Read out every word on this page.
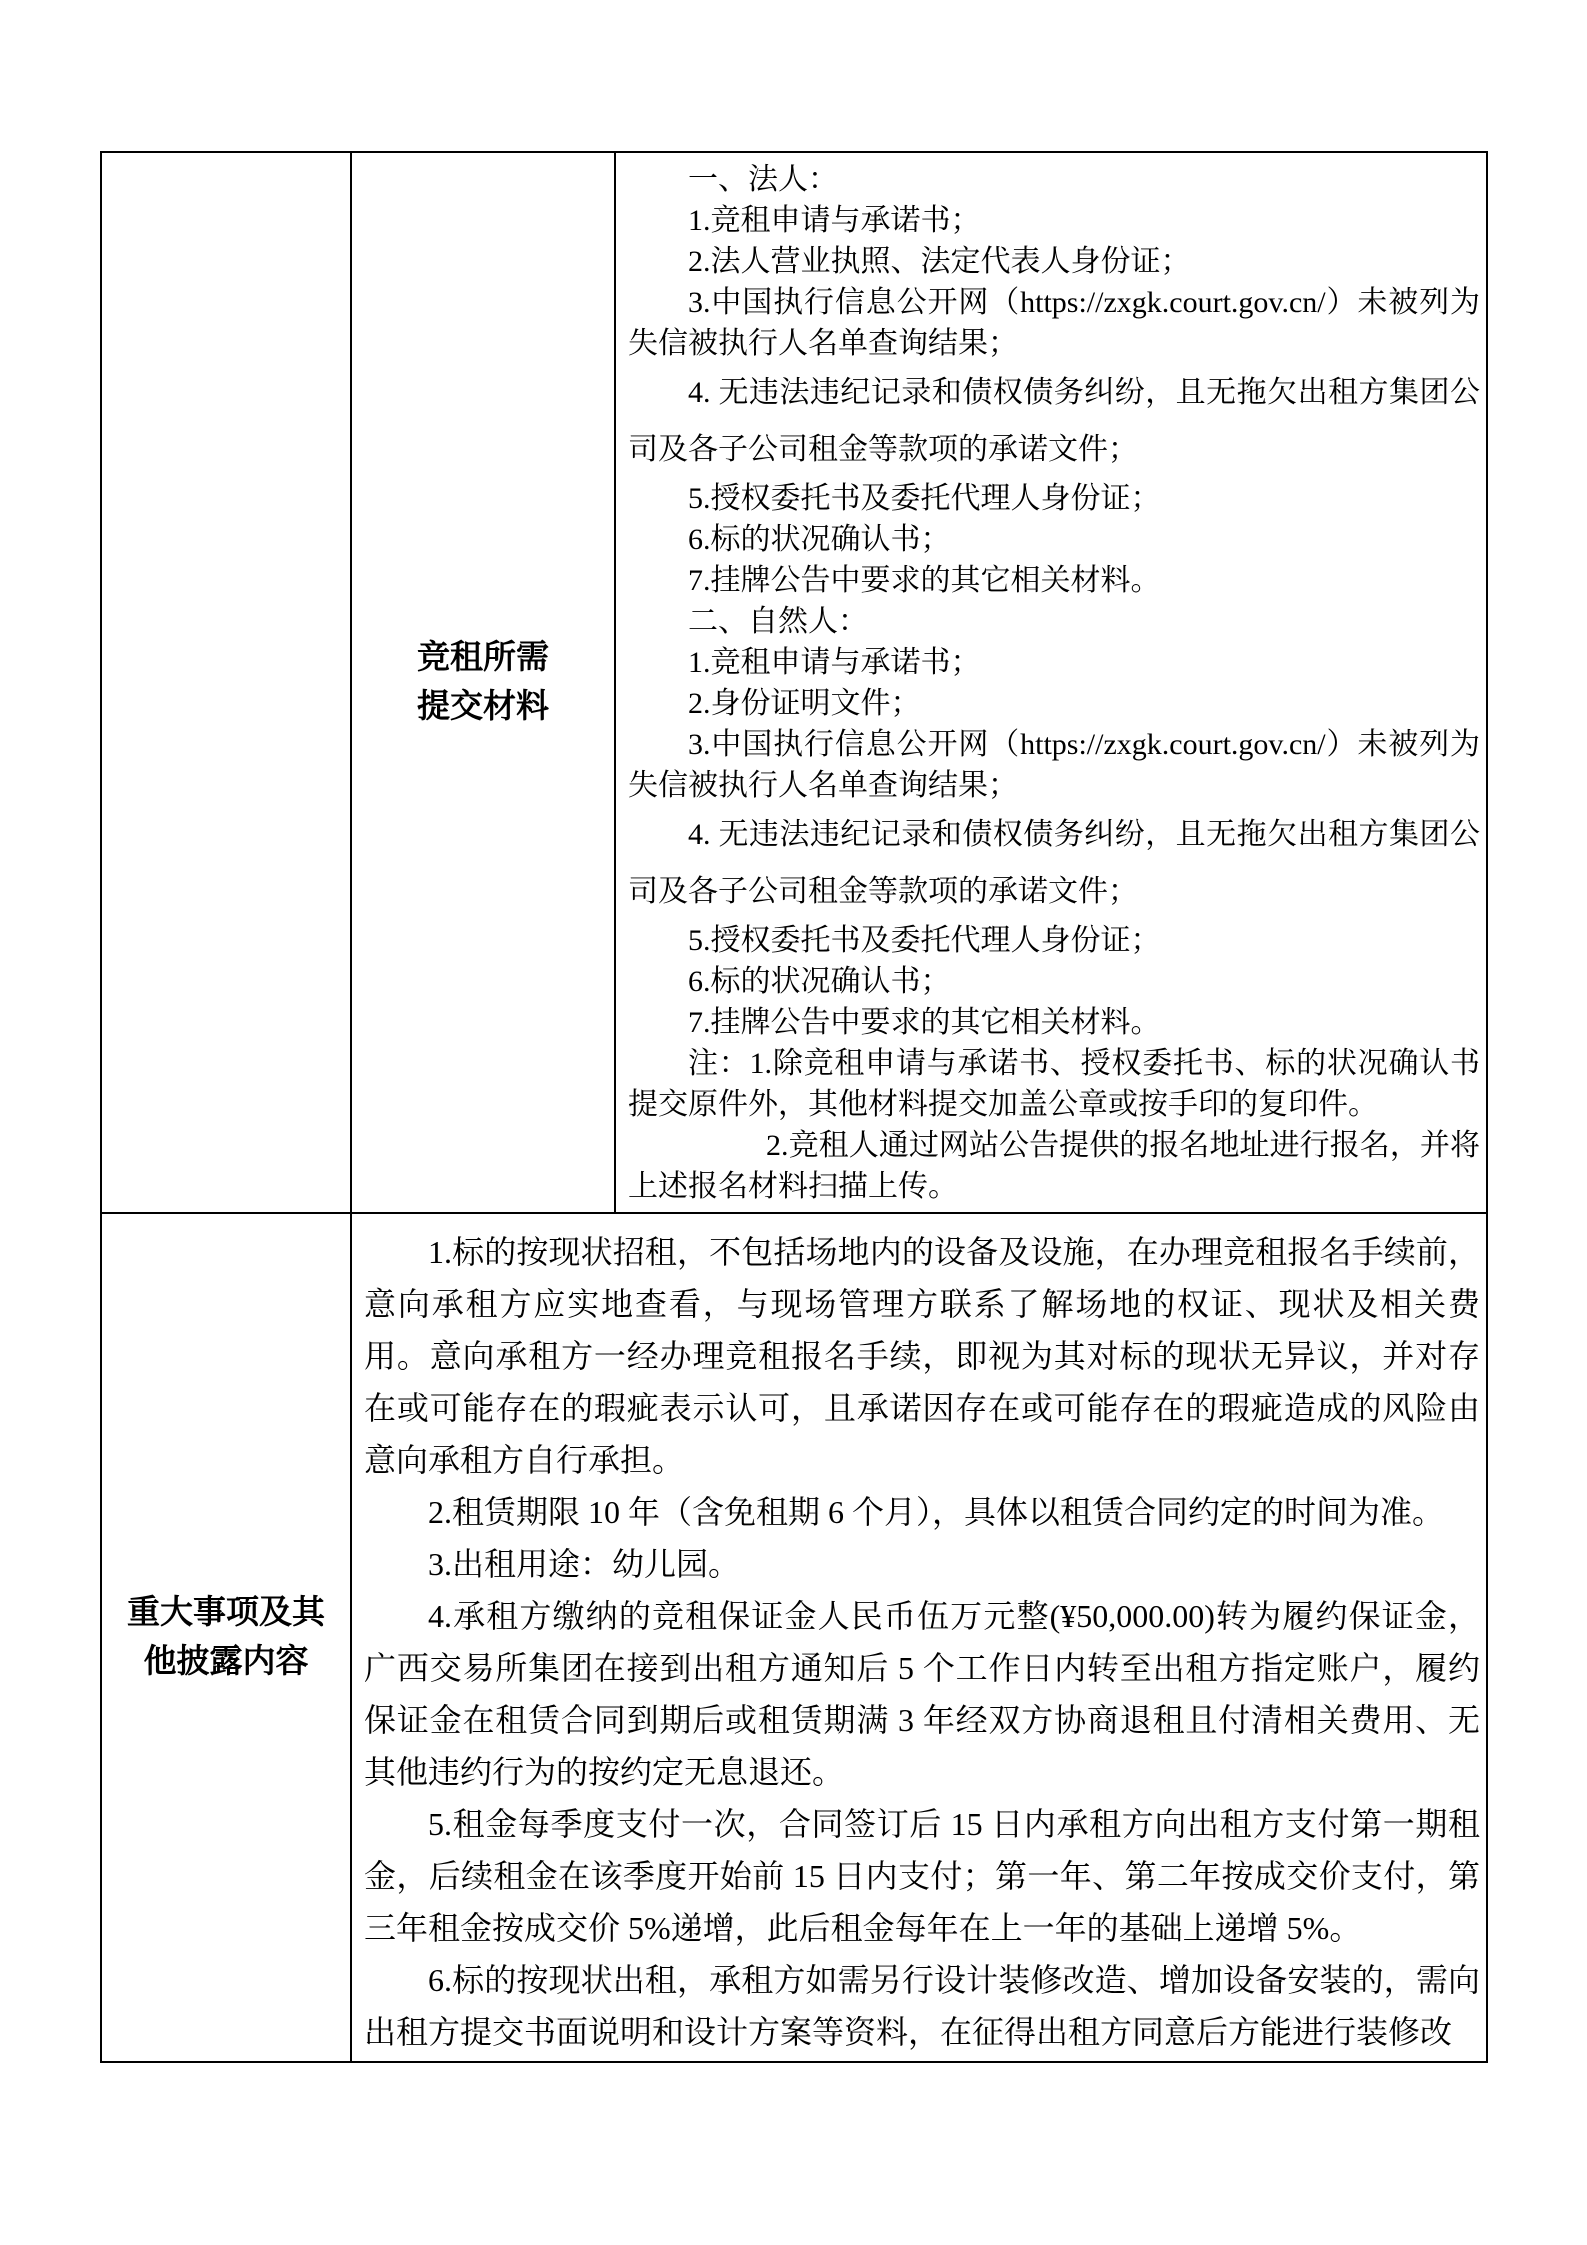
竞租所需
提交材料
一、法人：
1.竞租申请与承诺书；
2.法人营业执照、法定代表人身份证；
3.中国执行信息公开网（https://zxgk.court.gov.cn/）未被列为失信被执行人名单查询结果；
4. 无违法违纪记录和债权债务纠纷，且无拖欠出租方集团公司及各子公司租金等款项的承诺文件；
5.授权委托书及委托代理人身份证；
6.标的状况确认书；
7.挂牌公告中要求的其它相关材料。
二、自然人：
1.竞租申请与承诺书；
2.身份证明文件；
3.中国执行信息公开网（https://zxgk.court.gov.cn/）未被列为失信被执行人名单查询结果；
4. 无违法违纪记录和债权债务纠纷，且无拖欠出租方集团公司及各子公司租金等款项的承诺文件；
5.授权委托书及委托代理人身份证；
6.标的状况确认书；
7.挂牌公告中要求的其它相关材料。
注：1.除竞租申请与承诺书、授权委托书、标的状况确认书提交原件外，其他材料提交加盖公章或按手印的复印件。
2.竞租人通过网站公告提供的报名地址进行报名，并将上述报名材料扫描上传。
重大事项及其
他披露内容
1.标的按现状招租，不包括场地内的设备及设施，在办理竞租报名手续前，意向承租方应实地查看，与现场管理方联系了解场地的权证、现状及相关费用。意向承租方一经办理竞租报名手续，即视为其对标的现状无异议，并对存在或可能存在的瑕疵表示认可，且承诺因存在或可能存在的瑕疵造成的风险由意向承租方自行承担。
2.租赁期限 10 年（含免租期 6 个月），具体以租赁合同约定的时间为准。
3.出租用途：幼儿园。
4.承租方缴纳的竞租保证金人民币伍万元整(¥50,000.00)转为履约保证金，广西交易所集团在接到出租方通知后 5 个工作日内转至出租方指定账户，履约保证金在租赁合同到期后或租赁期满 3 年经双方协商退租且付清相关费用、无其他违约行为的按约定无息退还。
5.租金每季度支付一次，合同签订后 15 日内承租方向出租方支付第一期租金，后续租金在该季度开始前 15 日内支付；第一年、第二年按成交价支付，第三年租金按成交价 5%递增，此后租金每年在上一年的基础上递增 5%。
6.标的按现状出租，承租方如需另行设计装修改造、增加设备安装的，需向出租方提交书面说明和设计方案等资料，在征得出租方同意后方能进行装修改
